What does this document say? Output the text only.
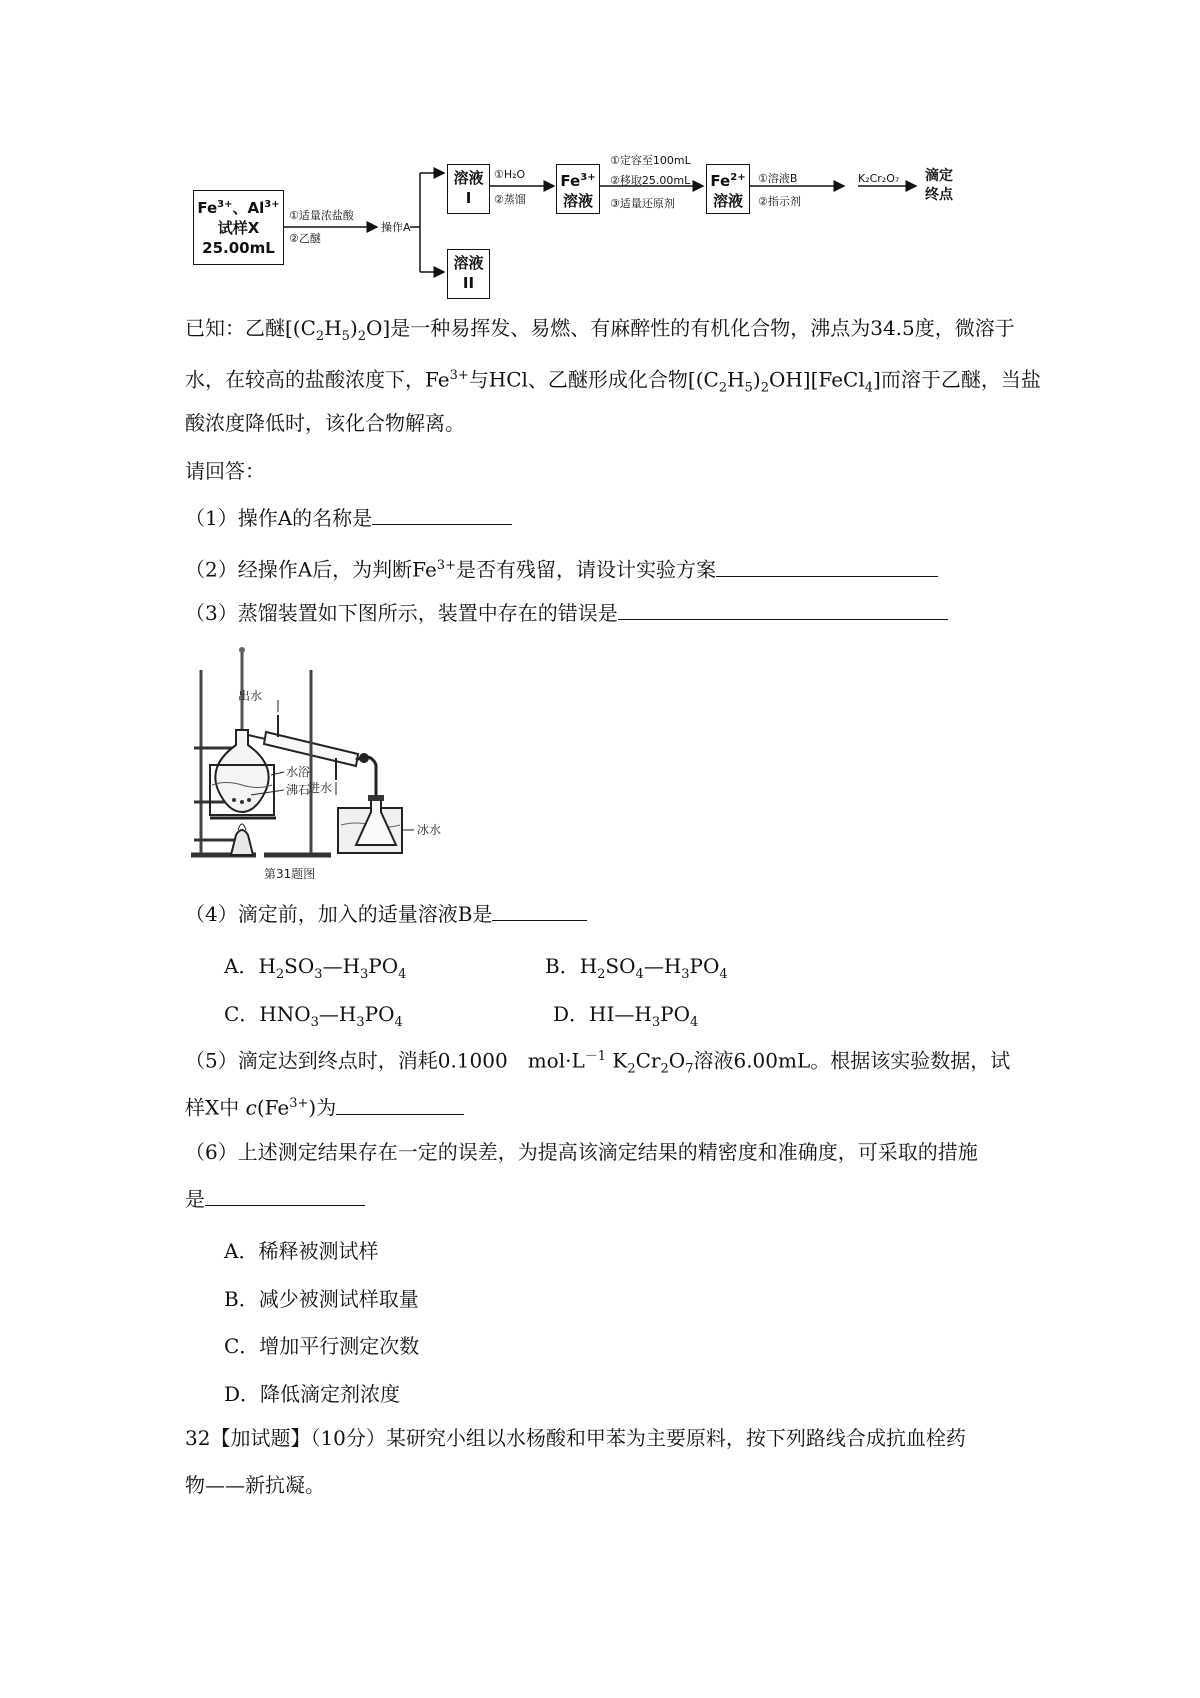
$Fe^{3+}$、$Al^{3+}$
试样X
25.00mL
①适量浓盐酸
②乙醚
操作A
溶液
I
溶液
II
①H₂O
②蒸馏
$Fe^{3+}$
溶液
①定容至100mL
②移取25.00mL
③适量还原剂
$Fe^{2+}$
溶液
①溶液B
②指示剂
K₂Cr₂O₇ 滴定
终点
已知：乙醚$[(C_2H_5)_2O]$是一种易挥发、易燃、有麻醉性的有机化合物，沸点为34.5度，微溶于
水，在较高的盐酸浓度下，$Fe^{3+}$与HCl、乙醚形成化合物$[(C_2H_5)_2OH][FeCl_4]$而溶于乙醚，当盐
酸浓度降低时，该化合物解离。
请回答：
（1）操作A的名称是
（2）经操作A后，为判断$Fe^{3+}$是否有残留，请设计实验方案
（3）蒸馏装置如下图所示，装置中存在的错误是
出水
水浴
沸石
进水
冰水
第31题图
（4）滴定前，加入的适量溶液B是
A．$H_2SO_3—H_3PO_4$	B．$H_2SO_4—H_3PO_4$
C．$HNO_3—H_3PO_4$	D．$HI—H_3PO_4$
（5）滴定达到终点时，消耗0.1000　$mol\cdot L^{-1}$ $K_2Cr_2O_7$溶液6.00mL。根据该实验数据，试
样X中 $c(Fe^{3+})$为
（6）上述测定结果存在一定的误差，为提高该滴定结果的精密度和准确度，可采取的措施
是
A．稀释被测试样
B．减少被测试样取量
C．增加平行测定次数
D．降低滴定剂浓度
32【加试题】（10分）某研究小组以水杨酸和甲苯为主要原料，按下列路线合成抗血栓药
物——新抗凝。
